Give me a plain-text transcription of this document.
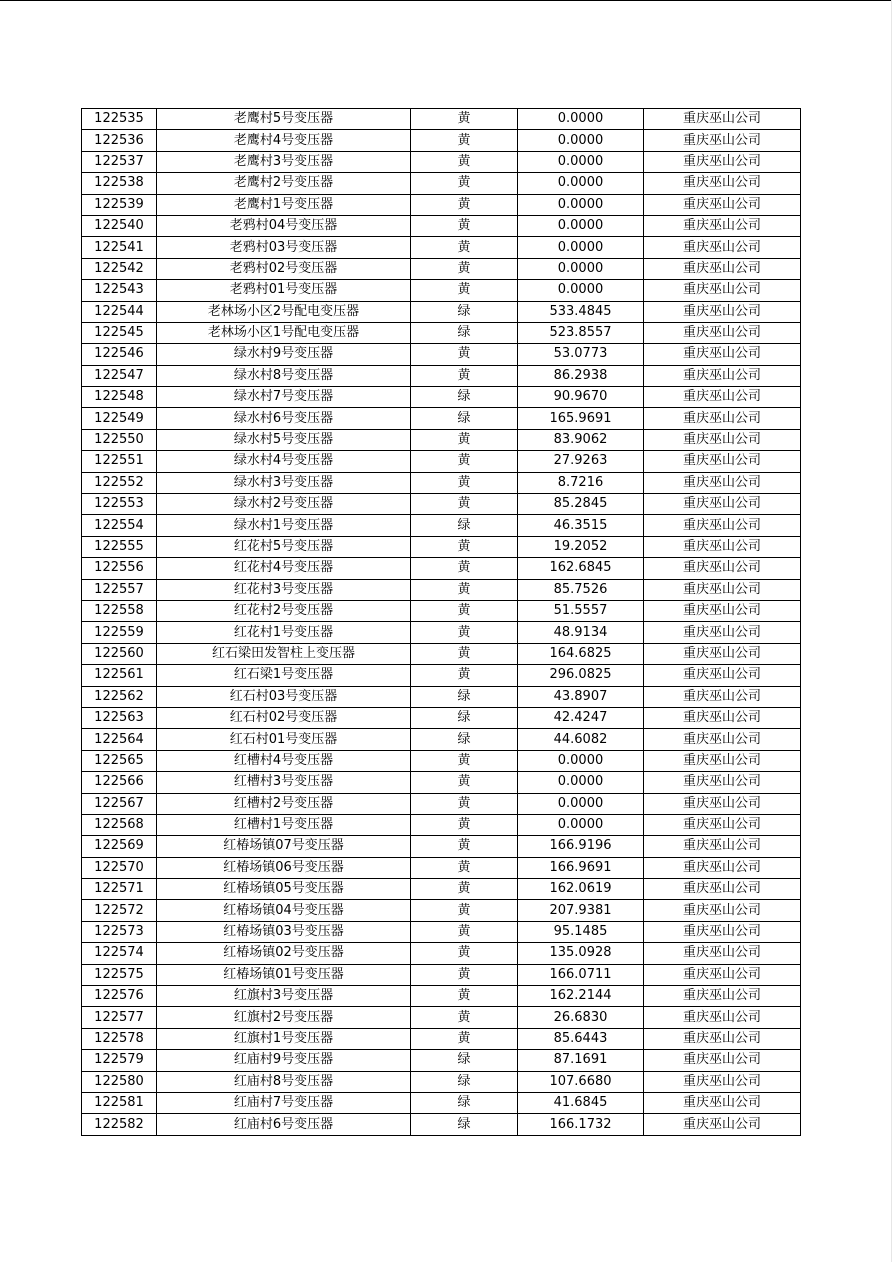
122535	老鹰村5号变压器	黄	0.0000	重庆巫山公司
122536	老鹰村4号变压器	黄	0.0000	重庆巫山公司
122537	老鹰村3号变压器	黄	0.0000	重庆巫山公司
122538	老鹰村2号变压器	黄	0.0000	重庆巫山公司
122539	老鹰村1号变压器	黄	0.0000	重庆巫山公司
122540	老鸦村04号变压器	黄	0.0000	重庆巫山公司
122541	老鸦村03号变压器	黄	0.0000	重庆巫山公司
122542	老鸦村02号变压器	黄	0.0000	重庆巫山公司
122543	老鸦村01号变压器	黄	0.0000	重庆巫山公司
122544	老林场小区2号配电变压器	绿	533.4845	重庆巫山公司
122545	老林场小区1号配电变压器	绿	523.8557	重庆巫山公司
122546	绿水村9号变压器	黄	53.0773	重庆巫山公司
122547	绿水村8号变压器	黄	86.2938	重庆巫山公司
122548	绿水村7号变压器	绿	90.9670	重庆巫山公司
122549	绿水村6号变压器	绿	165.9691	重庆巫山公司
122550	绿水村5号变压器	黄	83.9062	重庆巫山公司
122551	绿水村4号变压器	黄	27.9263	重庆巫山公司
122552	绿水村3号变压器	黄	8.7216	重庆巫山公司
122553	绿水村2号变压器	黄	85.2845	重庆巫山公司
122554	绿水村1号变压器	绿	46.3515	重庆巫山公司
122555	红花村5号变压器	黄	19.2052	重庆巫山公司
122556	红花村4号变压器	黄	162.6845	重庆巫山公司
122557	红花村3号变压器	黄	85.7526	重庆巫山公司
122558	红花村2号变压器	黄	51.5557	重庆巫山公司
122559	红花村1号变压器	黄	48.9134	重庆巫山公司
122560	红石梁田发智柱上变压器	黄	164.6825	重庆巫山公司
122561	红石梁1号变压器	黄	296.0825	重庆巫山公司
122562	红石村03号变压器	绿	43.8907	重庆巫山公司
122563	红石村02号变压器	绿	42.4247	重庆巫山公司
122564	红石村01号变压器	绿	44.6082	重庆巫山公司
122565	红槽村4号变压器	黄	0.0000	重庆巫山公司
122566	红槽村3号变压器	黄	0.0000	重庆巫山公司
122567	红槽村2号变压器	黄	0.0000	重庆巫山公司
122568	红槽村1号变压器	黄	0.0000	重庆巫山公司
122569	红椿场镇07号变压器	黄	166.9196	重庆巫山公司
122570	红椿场镇06号变压器	黄	166.9691	重庆巫山公司
122571	红椿场镇05号变压器	黄	162.0619	重庆巫山公司
122572	红椿场镇04号变压器	黄	207.9381	重庆巫山公司
122573	红椿场镇03号变压器	黄	95.1485	重庆巫山公司
122574	红椿场镇02号变压器	黄	135.0928	重庆巫山公司
122575	红椿场镇01号变压器	黄	166.0711	重庆巫山公司
122576	红旗村3号变压器	黄	162.2144	重庆巫山公司
122577	红旗村2号变压器	黄	26.6830	重庆巫山公司
122578	红旗村1号变压器	黄	85.6443	重庆巫山公司
122579	红庙村9号变压器	绿	87.1691	重庆巫山公司
122580	红庙村8号变压器	绿	107.6680	重庆巫山公司
122581	红庙村7号变压器	绿	41.6845	重庆巫山公司
122582	红庙村6号变压器	绿	166.1732	重庆巫山公司
